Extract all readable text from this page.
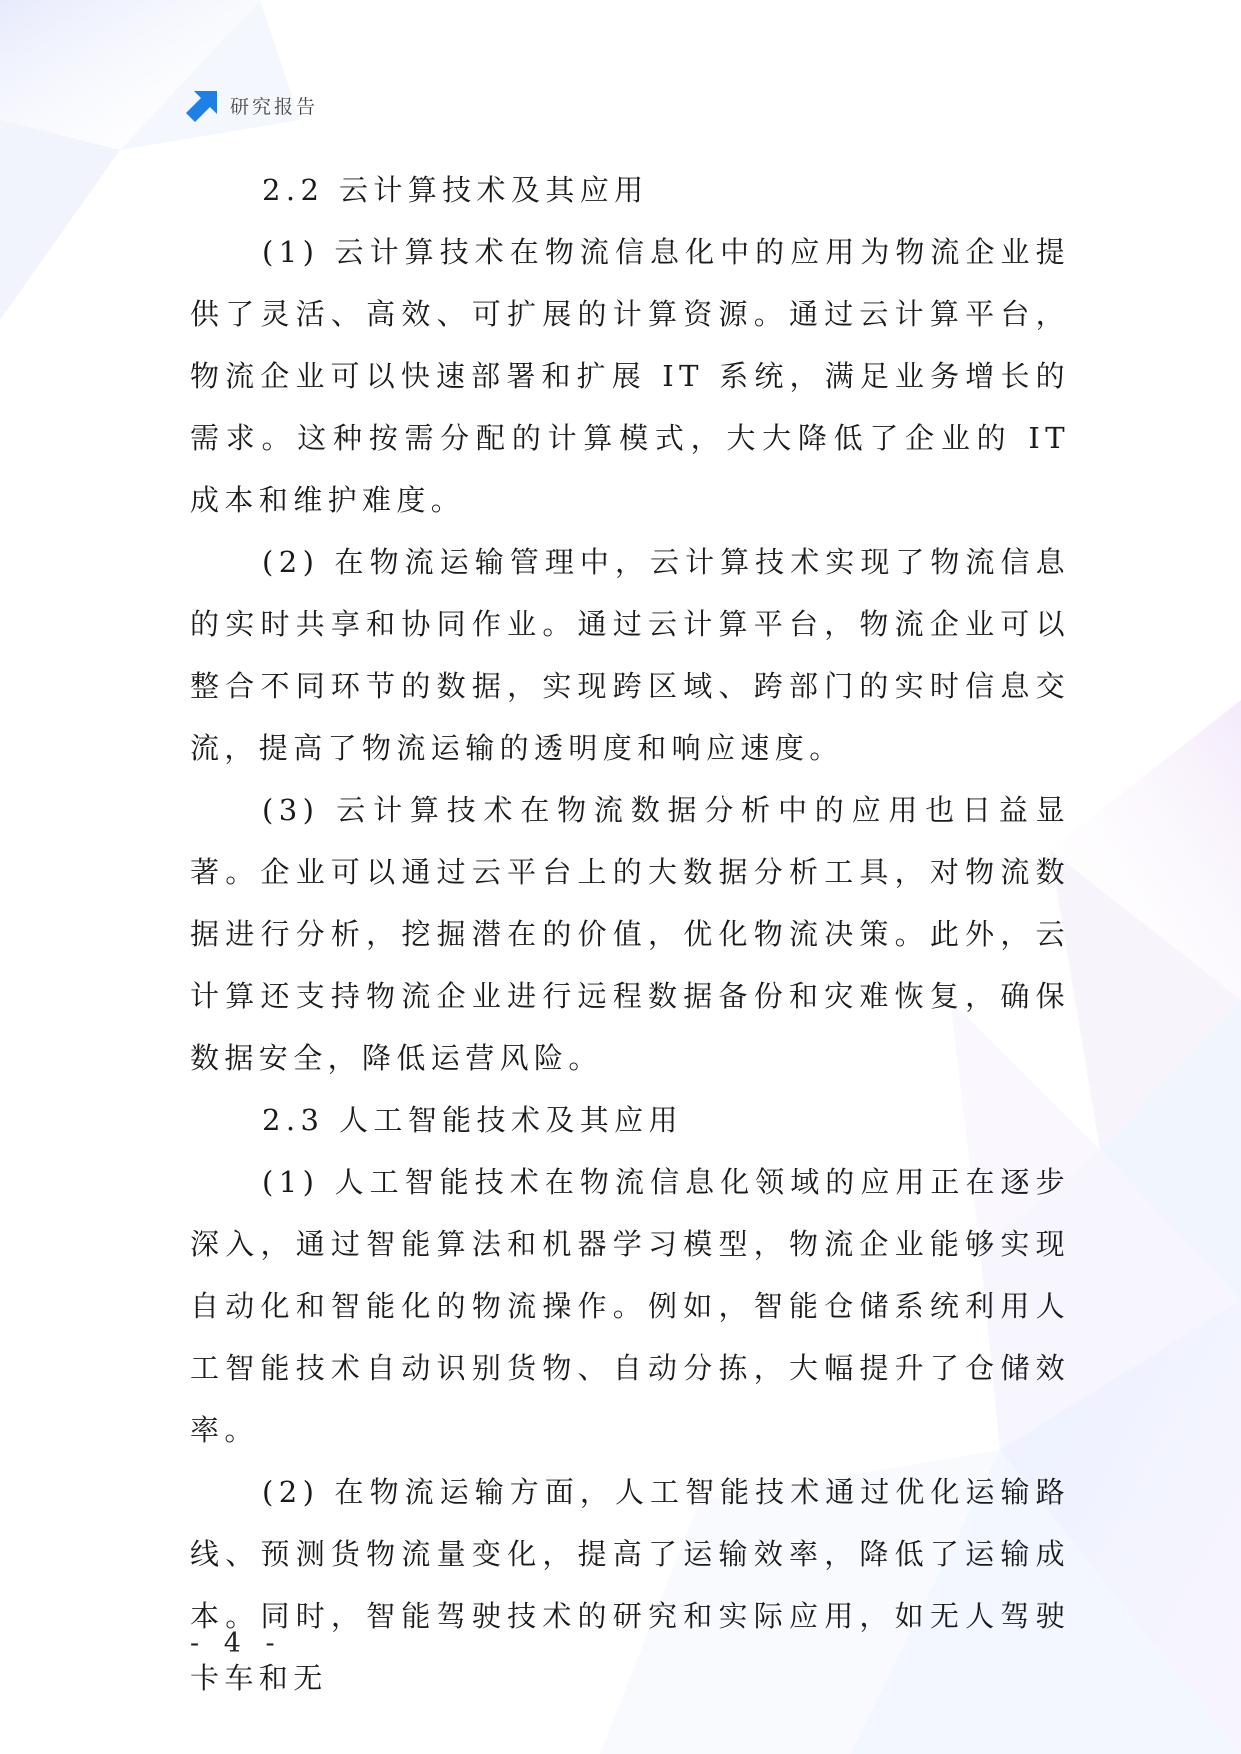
研究报告
2.2 云计算技术及其应用

(1) 云计算技术在物流信息化中的应用为物流企业提供了灵活、高效、可扩展的计算资源。通过云计算平台，物流企业可以快速部署和扩展 IT 系统，满足业务增长的需求。这种按需分配的计算模式，大大降低了企业的 IT 成本和维护难度。

(2) 在物流运输管理中，云计算技术实现了物流信息的实时共享和协同作业。通过云计算平台，物流企业可以整合不同环节的数据，实现跨区域、跨部门的实时信息交流，提高了物流运输的透明度和响应速度。

(3) 云计算技术在物流数据分析中的应用也日益显著。企业可以通过云平台上的大数据分析工具，对物流数据进行分析，挖掘潜在的价值，优化物流决策。此外，云计算还支持物流企业进行远程数据备份和灾难恢复，确保数据安全，降低运营风险。

2.3 人工智能技术及其应用

(1) 人工智能技术在物流信息化领域的应用正在逐步深入，通过智能算法和机器学习模型，物流企业能够实现自动化和智能化的物流操作。例如，智能仓储系统利用人工智能技术自动识别货物、自动分拣，大幅提升了仓储效率。

(2) 在物流运输方面，人工智能技术通过优化运输路线、预测货物流量变化，提高了运输效率，降低了运输成本。同时，智能驾驶技术的研究和实际应用，如无人驾驶卡车和无

- 4 -
